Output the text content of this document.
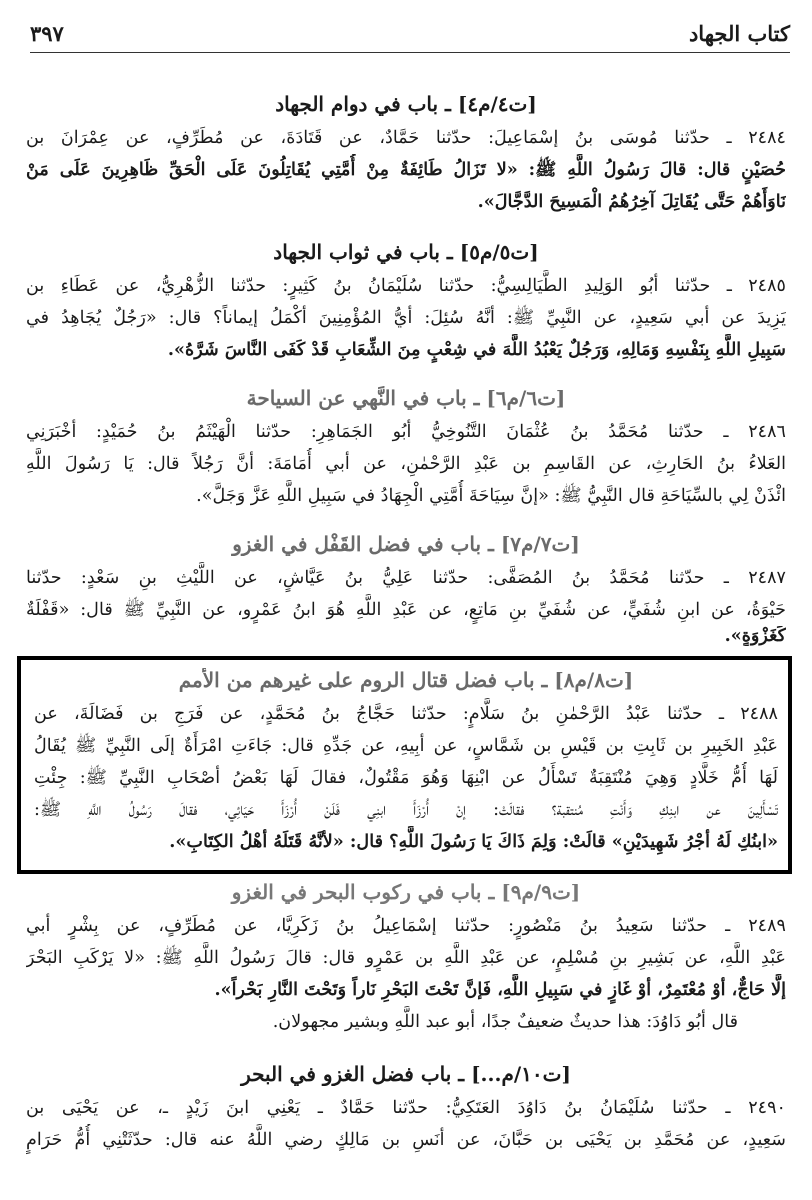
كتاب الجهاد
٣٩٧
[ت٤/م٤] ـ باب في دوام الجهاد
٢٤٨٤ ـ حدّثنا مُوسَى بنُ إسْمَاعِيلَ: حدّثنا حَمَّادٌ، عن قَتَادَةَ، عن مُطَرِّفٍ، عن عِمْرَانَ بن
حُصَيْنٍ قال: قالَ رَسُولُ اللَّهِ ﷺ: «لا تَزَالُ طَائِفَةٌ مِنْ أُمَّتِي يُقَاتِلُونَ عَلَى الْحَقِّ ظَاهِرِينَ عَلَى مَنْ
نَاوَأَهُمْ حَتَّى يُقَاتِلَ آخِرُهُمُ الْمَسِيحَ الدَّجَّالَ».
[ت٥/م٥] ـ باب في ثواب الجهاد
٢٤٨٥ ـ حدّثنا أبُو الوَلِيدِ الطَّيَالِسِيُّ: حدّثنا سُلَيْمَانُ بنُ كَثِيرٍ: حدّثنا الزُّهْرِيُّ، عن عَطَاءِ بن
يَزِيدَ عن أبي سَعِيدٍ، عن النَّبِيِّ ﷺ: أنَّهُ سُئِلَ: أيُّ المُؤْمِنِينَ أكْمَلُ إيماناً؟ قال: «رَجُلٌ يُجَاهِدُ في
سَبِيلِ اللَّهِ بِنَفْسِهِ وَمَالِهِ، وَرَجُلٌ يَعْبُدُ اللَّهَ في شِعْبٍ مِنَ الشِّعَابِ قَدْ كَفَى النَّاسَ شَرَّهُ».
[ت٦/م٦] ـ باب في النَّهي عن السياحة
٢٤٨٦ ـ حدّثنا مُحَمَّدُ بنُ عُثْمَانَ التَّنُوخِيُّ أبُو الجَمَاهِرِ: حدّثنا الْهَيْثَمُ بنُ حُمَيْدٍ: أخْبَرَنِي
العَلاءُ بنُ الحَارِثِ، عن القَاسِمِ بن عَبْدِ الرَّحْمٰنِ، عن أبي أُمَامَةَ: أنَّ رَجُلاً قال: يَا رَسُولَ اللَّهِ
ائْذَنْ لِي بالسِّيَاحَةِ قال النَّبِيُّ ﷺ: «إنَّ سِيَاحَةَ أُمَّتِي الْجِهَادُ في سَبِيلِ اللَّهِ عَزَّ وَجَلَّ».
[ت٧/م٧] ـ باب في فضل القَفْل في الغزو
٢٤٨٧ ـ حدّثنا مُحَمَّدُ بنُ المُصَفَّى: حدّثنا عَلِيُّ بنُ عَيَّاشٍ، عن اللَّيْثِ بنِ سَعْدٍ: حدّثنا
حَيْوَةُ، عن ابنِ شُفَيٍّ، عن شُفَيِّ بنِ مَاتِعٍ، عن عَبْدِ اللَّهِ هُوَ ابنُ عَمْرٍو، عن النَّبِيِّ ﷺ قال: «قَفْلَةٌ
كَغَزْوَةٍ».
[ت٨/م٨] ـ باب فضل قتال الروم على غيرهم من الأمم
٢٤٨٨ ـ حدّثنا عَبْدُ الرَّحْمٰنِ بنُ سَلَّامٍ: حدّثنا حَجَّاجُ بنُ مُحَمَّدٍ، عن فَرَجِ بن فَضَالَةَ، عن
عَبْدِ الخَبِيرِ بن ثَابِتِ بن قَيْسِ بن شَمَّاسٍ، عن أبِيهِ، عن جَدِّهِ قال: جَاءَتِ امْرَأَةٌ إلَى النَّبِيِّ ﷺ يُقَالُ
لَهَا أُمُّ خَلَّادٍ وَهِيَ مُنْتَقِبَةٌ تَسْأَلُ عن ابْنِهَا وَهُوَ مَقْتُولٌ، فقالَ لَهَا بَعْضُ أصْحَابِ النَّبِيِّ ﷺ: جِئْتِ
تَسْأَلِينَ عن ابنِكِ وَأَنْتِ مُنتقبة؟ فقالَتْ: إنْ أُرْزَأَ ابنِي فَلَنْ أُرْزَأَ حَيَائِي، فقالَ رَسُولُ اللَّهِ ﷺ:
«ابنُكِ لَهُ أجْرُ شَهِيدَيْنِ» قالَتْ: وَلِمَ ذَاكَ يَا رَسُولَ اللَّهِ؟ قال: «لأنَّهُ قَتَلَهُ أهْلُ الكِتَابِ».
[ت٩/م٩] ـ باب في ركوب البحر في الغزو
٢٤٨٩ ـ حدّثنا سَعِيدُ بنُ مَنْصُورٍ: حدّثنا إسْمَاعِيلُ بنُ زَكَرِيَّا، عن مُطَرِّفٍ، عن بِشْرٍ أبي
عَبْدِ اللَّهِ، عن بَشِيرِ بنِ مُسْلِمٍ، عن عَبْدِ اللَّهِ بن عَمْرٍو قال: قالَ رَسُولُ اللَّهِ ﷺ: «لا يَرْكَبِ البَحْرَ
إلَّا حَاجٌّ، أوْ مُعْتَمِرٌ، أوْ غَازٍ في سَبِيلِ اللَّهِ، فَإنَّ تَحْتَ البَحْرِ نَاراً وَتَحْتَ النَّارِ بَحْراً».
قال أبُو دَاوُدَ: هذا حديثٌ ضعيفٌ جدًا، أبو عبد اللَّهِ وبشير مجهولان.
[ت١٠/م...] ـ باب فضل الغزو في البحر
٢٤٩٠ ـ حدّثنا سُلَيْمَانُ بنُ دَاوُدَ العَتَكِيُّ: حدّثنا حَمَّادٌ ـ يَعْنِي ابنَ زَيْدٍ ـ، عن يَحْيَى بن
سَعِيدٍ، عن مُحَمَّدِ بن يَحْيَى بن حَبَّانَ، عن أنَسِ بن مَالِكٍ رضي اللَّهُ عنه قال: حدّثَتْنِي أُمُّ حَرَامٍ
